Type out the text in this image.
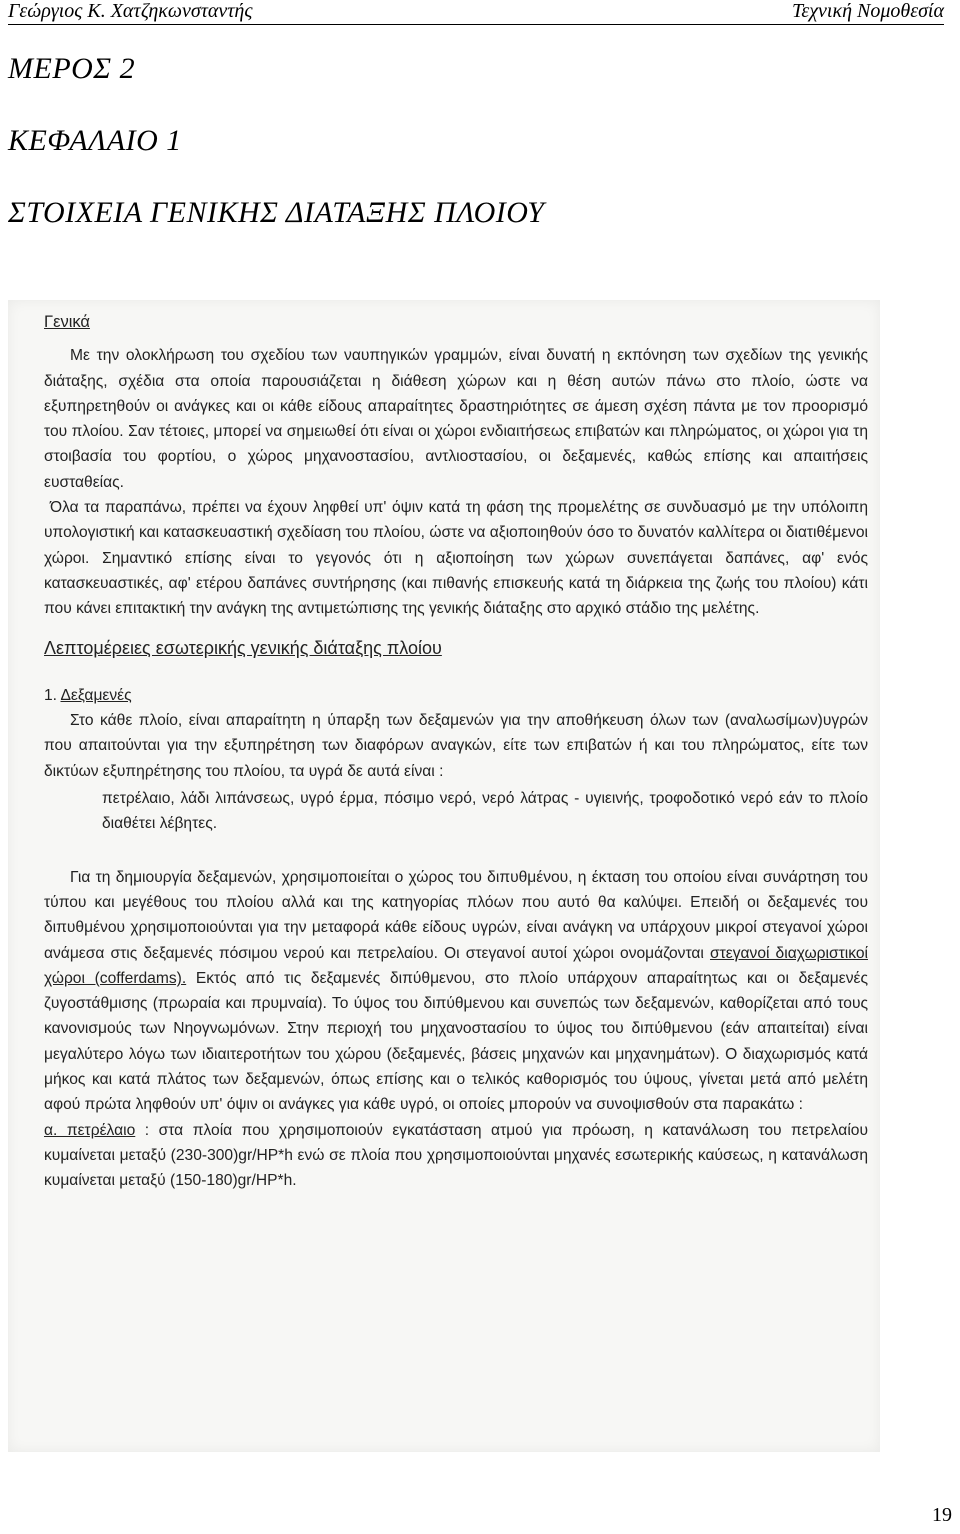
Γεώργιος Κ. Χατζηκωνσταντής	Τεχνική Νομοθεσία
ΜΕΡΟΣ 2
ΚΕΦΑΛΑΙΟ 1
ΣΤΟΙΧΕΙΑ ΓΕΝΙΚΗΣ ΔΙΑΤΑΞΗΣ ΠΛΟΙΟΥ

Γενικά

Με την ολοκλήρωση του σχεδίου των ναυπηγικών γραμμών, είναι δυνατή η εκπόνηση των σχεδίων της γενικής διάταξης, σχέδια στα οποία παρουσιάζεται η διάθεση χώρων και η θέση αυτών πάνω στο πλοίο, ώστε να εξυπηρετηθούν οι ανάγκες και οι κάθε είδους απαραίτητες δραστηριότητες σε άμεση σχέση πάντα με τον προορισμό του πλοίου. Σαν τέτοιες, μπορεί να σημειωθεί ότι είναι οι χώροι ενδιαιτήσεως επιβατών και πληρώματος, οι χώροι για τη στοιβασία του φορτίου, ο χώρος μηχανοστασίου, αντλιοστασίου, οι δεξαμενές, καθώς επίσης και απαιτήσεις ευσταθείας.

Όλα τα παραπάνω, πρέπει να έχουν ληφθεί υπ' όψιν κατά τη φάση της προμελέτης σε συνδυασμό με την υπόλοιπη υπολογιστική και κατασκευαστική σχεδίαση του πλοίου, ώστε να αξιοποιηθούν όσο το δυνατόν καλλίτερα οι διατιθέμενοι χώροι. Σημαντικό επίσης είναι το γεγονός ότι η αξιοποίηση των χώρων συνεπάγεται δαπάνες, αφ' ενός κατασκευαστικές, αφ' ετέρου δαπάνες συντήρησης (και πιθανής επισκευής κατά τη διάρκεια της ζωής του πλοίου) κάτι που κάνει επιτακτική την ανάγκη της αντιμετώπισης της γενικής διάταξης στο αρχικό στάδιο της μελέτης.

Λεπτομέρειες εσωτερικής γενικής διάταξης πλοίου

1. Δεξαμενές

Στο κάθε πλοίο, είναι απαραίτητη η ύπαρξη των δεξαμενών για την αποθήκευση όλων των (αναλωσίμων)υγρών που απαιτούνται για την εξυπηρέτηση των διαφόρων αναγκών, είτε των επιβατών ή και του πληρώματος, είτε των δικτύων εξυπηρέτησης του πλοίου, τα υγρά δε αυτά είναι :

πετρέλαιο, λάδι λιπάνσεως, υγρό έρμα, πόσιμο νερό, νερό λάτρας - υγιεινής, τροφοδοτικό νερό εάν το πλοίο διαθέτει λέβητες.

Για τη δημιουργία δεξαμενών, χρησιμοποιείται ο χώρος του διπυθμένου, η έκταση του οποίου είναι συνάρτηση του τύπου και μεγέθους του πλοίου αλλά και της κατηγορίας πλόων που αυτό θα καλύψει. Επειδή οι δεξαμενές του διπυθμένου χρησιμοποιούνται για την μεταφορά κάθε είδους υγρών, είναι ανάγκη να υπάρχουν μικροί στεγανοί χώροι ανάμεσα στις δεξαμενές πόσιμου νερού και πετρελαίου. Οι στεγανοί αυτοί χώροι ονομάζονται στεγανοί διαχωριστικοί χώροι (cofferdams). Εκτός από τις δεξαμενές διπύθμενου, στο πλοίο υπάρχουν απαραίτητως και οι δεξαμενές ζυγοστάθμισης (πρωραία και πρυμναία). Το ύψος του διπύθμενου και συνεπώς των δεξαμενών, καθορίζεται από τους κανονισμούς των Νηογνωμόνων. Στην περιοχή του μηχανοστασίου το ύψος του διπύθμενου (εάν απαιτείται) είναι μεγαλύτερο λόγω των ιδιαιτεροτήτων του χώρου (δεξαμενές, βάσεις μηχανών και μηχανημάτων). Ο διαχωρισμός κατά μήκος και κατά πλάτος των δεξαμενών, όπως επίσης και ο τελικός καθορισμός του ύψους, γίνεται μετά από μελέτη αφού πρώτα ληφθούν υπ' όψιν οι ανάγκες για κάθε υγρό, οι οποίες μπορούν να συνοψισθούν στα παρακάτω :

α. πετρέλαιο : στα πλοία που χρησιμοποιούν εγκατάσταση ατμού για πρόωση, η κατανάλωση του πετρελαίου κυμαίνεται μεταξύ (230-300)gr/HP*h ενώ σε πλοία που χρησιμοποιούνται μηχανές εσωτερικής καύσεως, η κατανάλωση κυμαίνεται μεταξύ (150-180)gr/HP*h.

19
